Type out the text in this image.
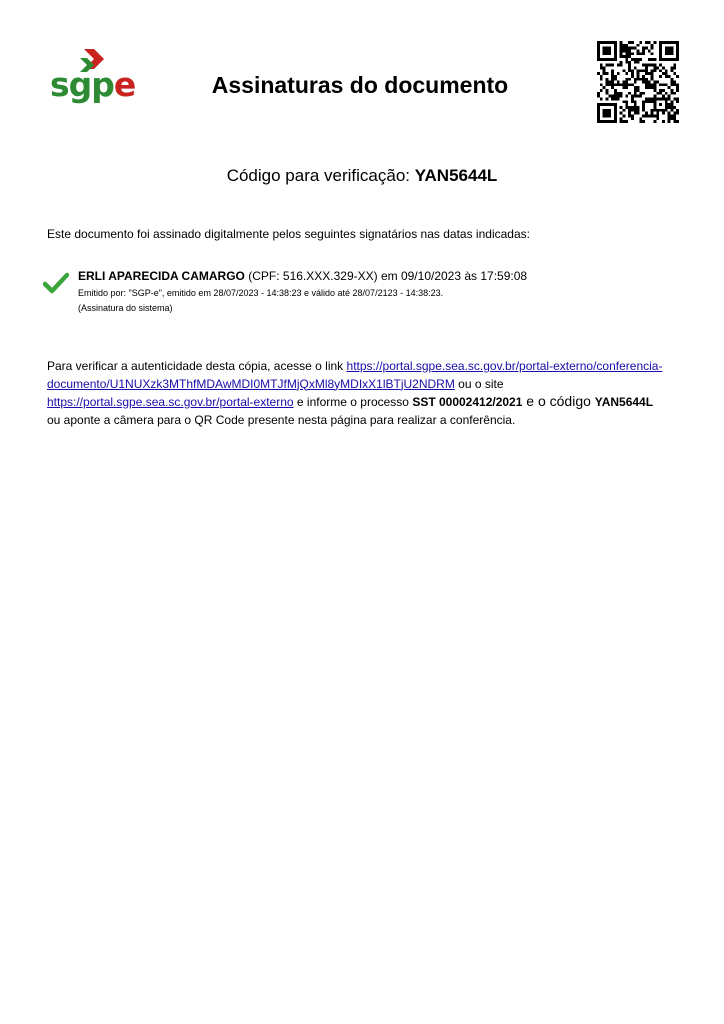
sgpe	Assinaturas do documento
Código para verificação: YAN5644L
Este documento foi assinado digitalmente pelos seguintes signatários nas datas indicadas:
ERLI APARECIDA CAMARGO (CPF: 516.XXX.329-XX) em 09/10/2023 às 17:59:08
Emitido por: "SGP-e", emitido em 28/07/2023 - 14:38:23 e válido até 28/07/2123 - 14:38:23.
(Assinatura do sistema)
Para verificar a autenticidade desta cópia, acesse o link https://portal.sgpe.sea.sc.gov.br/portal-externo/conferencia-
documento/U1NUXzk3MThfMDAwMDI0MTJfMjQxMl8yMDIxX1lBTjU2NDRM ou o site
https://portal.sgpe.sea.sc.gov.br/portal-externo e informe o processo SST 00002412/2021 e o código YAN5644L
ou aponte a câmera para o QR Code presente nesta página para realizar a conferência.
